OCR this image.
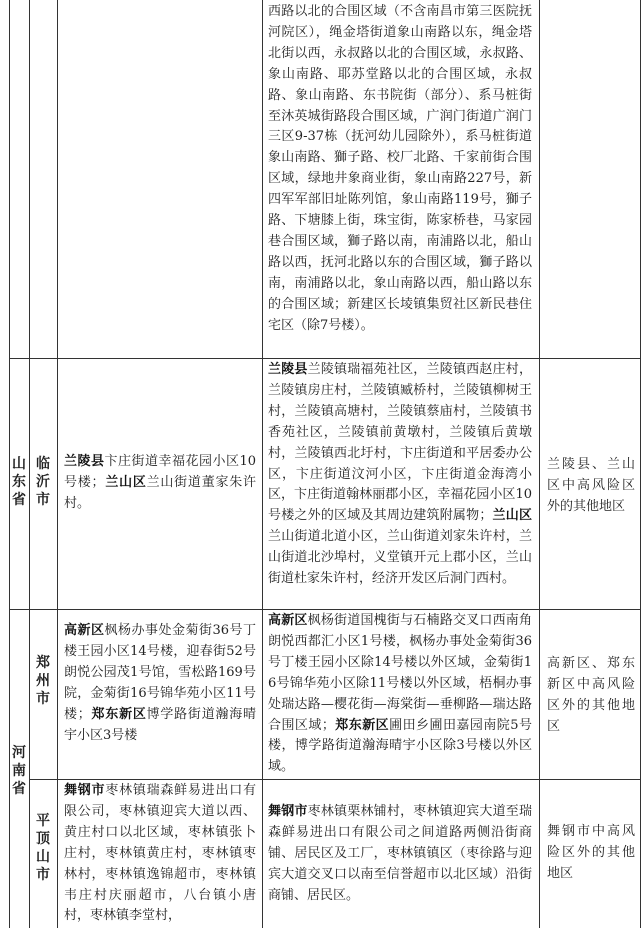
西路以北的合围区域（不含南昌市第三医院抚河院区），绳金塔街道象山南路以东，绳金塔北街以西，永叔路以北的合围区域，永叔路、象山南路、耶苏堂路以北的合围区域，永叔路、象山南路、东书院街（部分）、系马桩街至沐英城街路段合围区域，广润门街道广润门三区9-37栋（抚河幼儿园除外），系马桩街道象山南路、獅子路、校厂北路、千家前街合围区域，绿地井象商业街，象山南路227号，新四军军部旧址陈列馆，象山南路119号，獅子路、下塘膝上街，珠宝街，陈家桥巷，马家园巷合围区域，獅子路以南，南浦路以北，船山路以西，抚河北路以东的合围区域，獅子路以南，南浦路以北，象山南路以西，船山路以东的合围区域；新建区长堎镇集贸社区新民巷住宅区（除7号楼）。
山东省
临沂市
兰陵县卞庄街道幸福花园小区10号楼；兰山区兰山街道董家朱许村。
兰陵县兰陵镇瑞福苑社区，兰陵镇西赵庄村，兰陵镇房庄村，兰陵镇臧桥村，兰陵镇柳树王村，兰陵镇高塘村，兰陵镇蔡庙村，兰陵镇书香苑社区，兰陵镇前黄墩村，兰陵镇后黄墩村，兰陵镇西北圩村，卞庄街道和平居委办公区，卞庄街道汶河小区，卞庄街道金海湾小区，卞庄街道翰林丽郡小区，幸福花园小区10号楼之外的区域及其周边建筑附属物；兰山区兰山街道北道小区，兰山街道刘家朱许村，兰山街道北沙埠村，义堂镇开元上郡小区，兰山街道杜家朱许村，经济开发区后洞门西村。
兰陵县、兰山区中高风险区外的其他地区
河南省
郑州市
高新区枫杨办事处金菊街36号丁楼王园小区14号楼，迎春街52号朗悦公园茂1号馆，雪松路169号院，金菊街16号锦华苑小区11号楼；郑东新区博学路街道瀚海晴宇小区3号楼
高新区枫杨街道国槐街与石楠路交叉口西南角朗悦西都汇小区1号楼，枫杨办事处金菊街36号丁楼王园小区除14号楼以外区域，金菊街16号锦华苑小区除11号楼以外区域，梧桐办事处瑞达路—樱花街—海棠街—垂柳路—瑞达路合围区域；郑东新区圃田乡圃田嘉园南院5号楼，博学路街道瀚海晴宇小区除3号楼以外区域。
高新区、郑东新区中高风险区外的其他地区
平顶山市
舞钢市枣林镇瑞森鲜易进出口有限公司，枣林镇迎宾大道以西、黄庄村口以北区域，枣林镇张卜庄村，枣林镇黄庄村，枣林镇枣林村，枣林镇逸锦超市，枣林镇韦庄村庆丽超市，八台镇小唐村，枣林镇李堂村，
舞钢市枣林镇栗林铺村，枣林镇迎宾大道至瑞森鲜易进出口有限公司之间道路两侧沿街商铺、居民区及工厂，枣林镇镇区（枣徐路与迎宾大道交叉口以南至信誉超市以北区域）沿街商铺、居民区。
舞钢市中高风险区外的其他地区
